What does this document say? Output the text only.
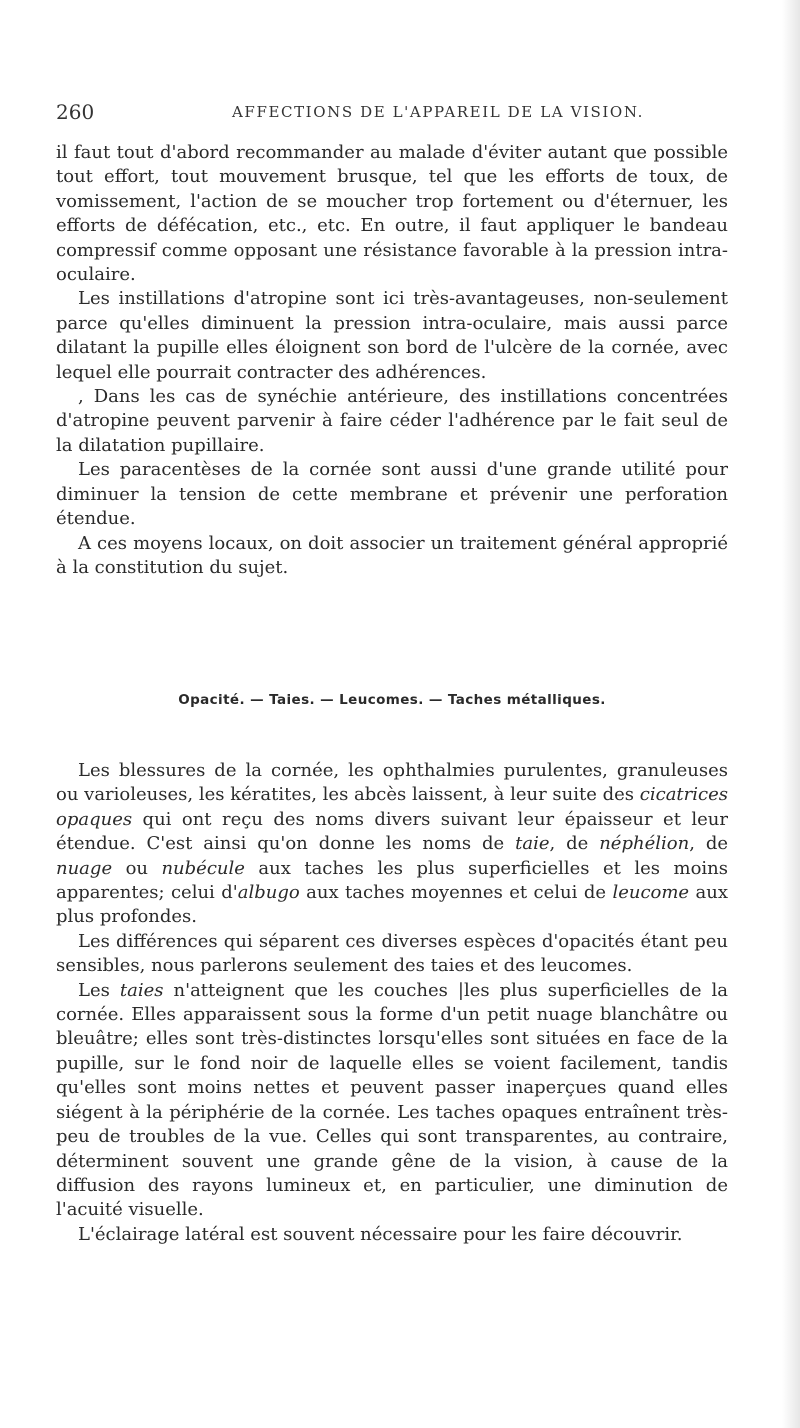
260	AFFECTIONS DE L'APPAREIL DE LA VISION.

il faut tout d'abord recommander au malade d'éviter autant que possible tout effort, tout mouvement brusque, tel que les efforts de toux, de vomissement, l'action de se moucher trop fortement ou d'éternuer, les efforts de défécation, etc., etc. En outre, il faut appliquer le bandeau compressif comme opposant une résistance favorable à la pression intra-oculaire.

Les instillations d'atropine sont ici très-avantageuses, non-seulement parce qu'elles diminuent la pression intra-oculaire, mais aussi parce dilatant la pupille elles éloignent son bord de l'ulcère de la cornée, avec lequel elle pourrait contracter des adhérences.

, Dans les cas de synéchie antérieure, des instillations concentrées d'atropine peuvent parvenir à faire céder l'adhérence par le fait seul de la dilatation pupillaire.

Les paracentèses de la cornée sont aussi d'une grande utilité pour diminuer la tension de cette membrane et prévenir une perforation étendue.

A ces moyens locaux, on doit associer un traitement général approprié à la constitution du sujet.

Opacité. — Taies. — Leucomes. — Taches métalliques.

Les blessures de la cornée, les ophthalmies purulentes, granuleuses ou varioleuses, les kératites, les abcès laissent, à leur suite des cicatrices opaques qui ont reçu des noms divers suivant leur épaisseur et leur étendue. C'est ainsi qu'on donne les noms de taie, de néphélion, de nuage ou nubécule aux taches les plus superficielles et les moins apparentes; celui d'albugo aux taches moyennes et celui de leucome aux plus profondes.

Les différences qui séparent ces diverses espèces d'opacités étant peu sensibles, nous parlerons seulement des taies et des leucomes.

Les taies n'atteignent que les couches |les plus superficielles de la cornée. Elles apparaissent sous la forme d'un petit nuage blanchâtre ou bleuâtre; elles sont très-distinctes lorsqu'elles sont situées en face de la pupille, sur le fond noir de laquelle elles se voient facilement, tandis qu'elles sont moins nettes et peuvent passer inaperçues quand elles siégent à la périphérie de la cornée. Les taches opaques entraînent très-peu de troubles de la vue. Celles qui sont transparentes, au contraire, déterminent souvent une grande gêne de la vision, à cause de la diffusion des rayons lumineux et, en particulier, une diminution de l'acuité visuelle.

L'éclairage latéral est souvent nécessaire pour les faire découvrir.
